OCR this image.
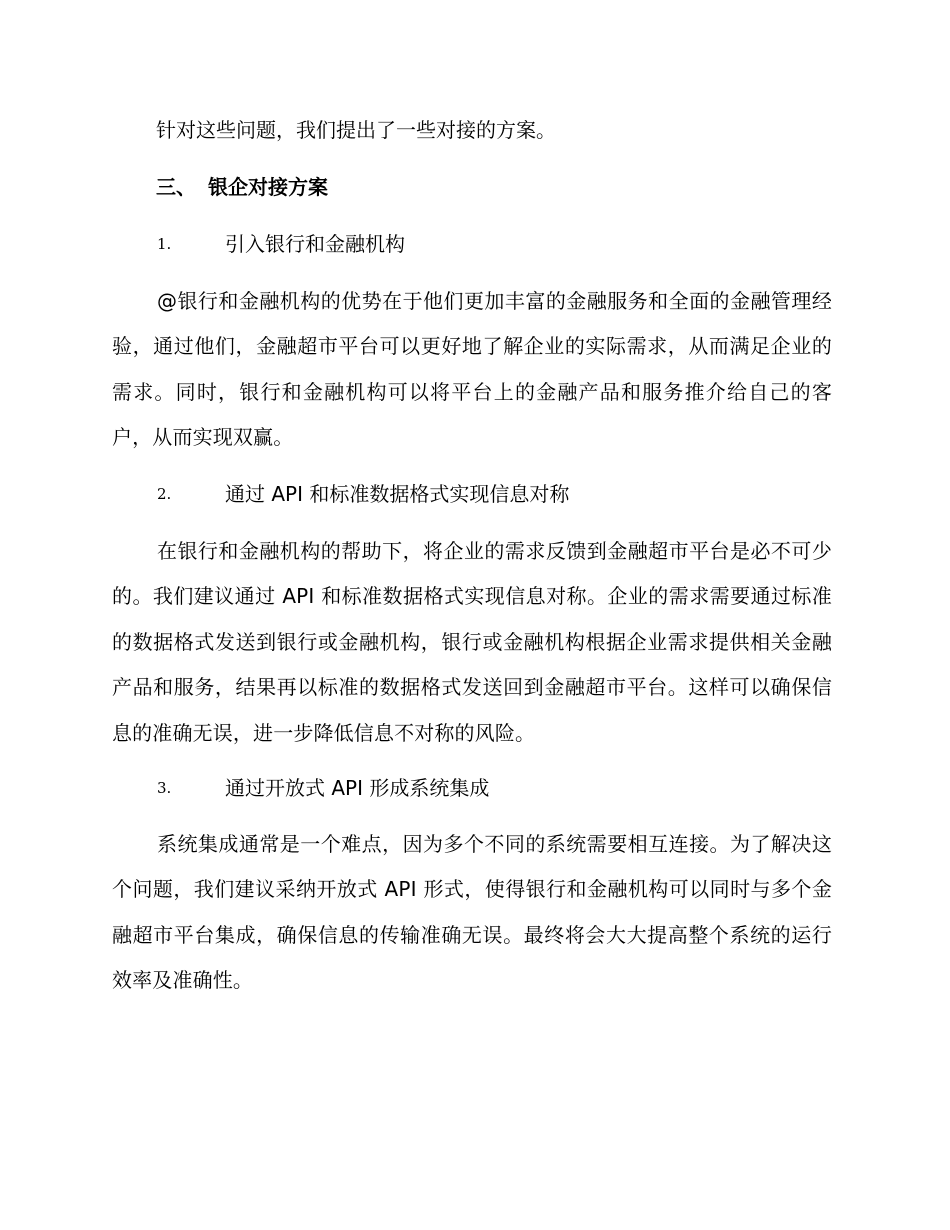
针对这些问题，我们提出了一些对接的方案。
三、 银企对接方案
1.	引入银行和金融机构

@银行和金融机构的优势在于他们更加丰富的金融服务和全面的金融管理经验，通过他们，金融超市平台可以更好地了解企业的实际需求，从而满足企业的需求。同时，银行和金融机构可以将平台上的金融产品和服务推介给自己的客户，从而实现双赢。

2.	通过 API 和标准数据格式实现信息对称

在银行和金融机构的帮助下，将企业的需求反馈到金融超市平台是必不可少的。我们建议通过 API 和标准数据格式实现信息对称。企业的需求需要通过标准的数据格式发送到银行或金融机构，银行或金融机构根据企业需求提供相关金融产品和服务，结果再以标准的数据格式发送回到金融超市平台。这样可以确保信息的准确无误，进一步降低信息不对称的风险。

3.	通过开放式 API 形成系统集成

系统集成通常是一个难点，因为多个不同的系统需要相互连接。为了解决这个问题，我们建议采纳开放式 API 形式，使得银行和金融机构可以同时与多个金融超市平台集成，确保信息的传输准确无误。最终将会大大提高整个系统的运行效率及准确性。
